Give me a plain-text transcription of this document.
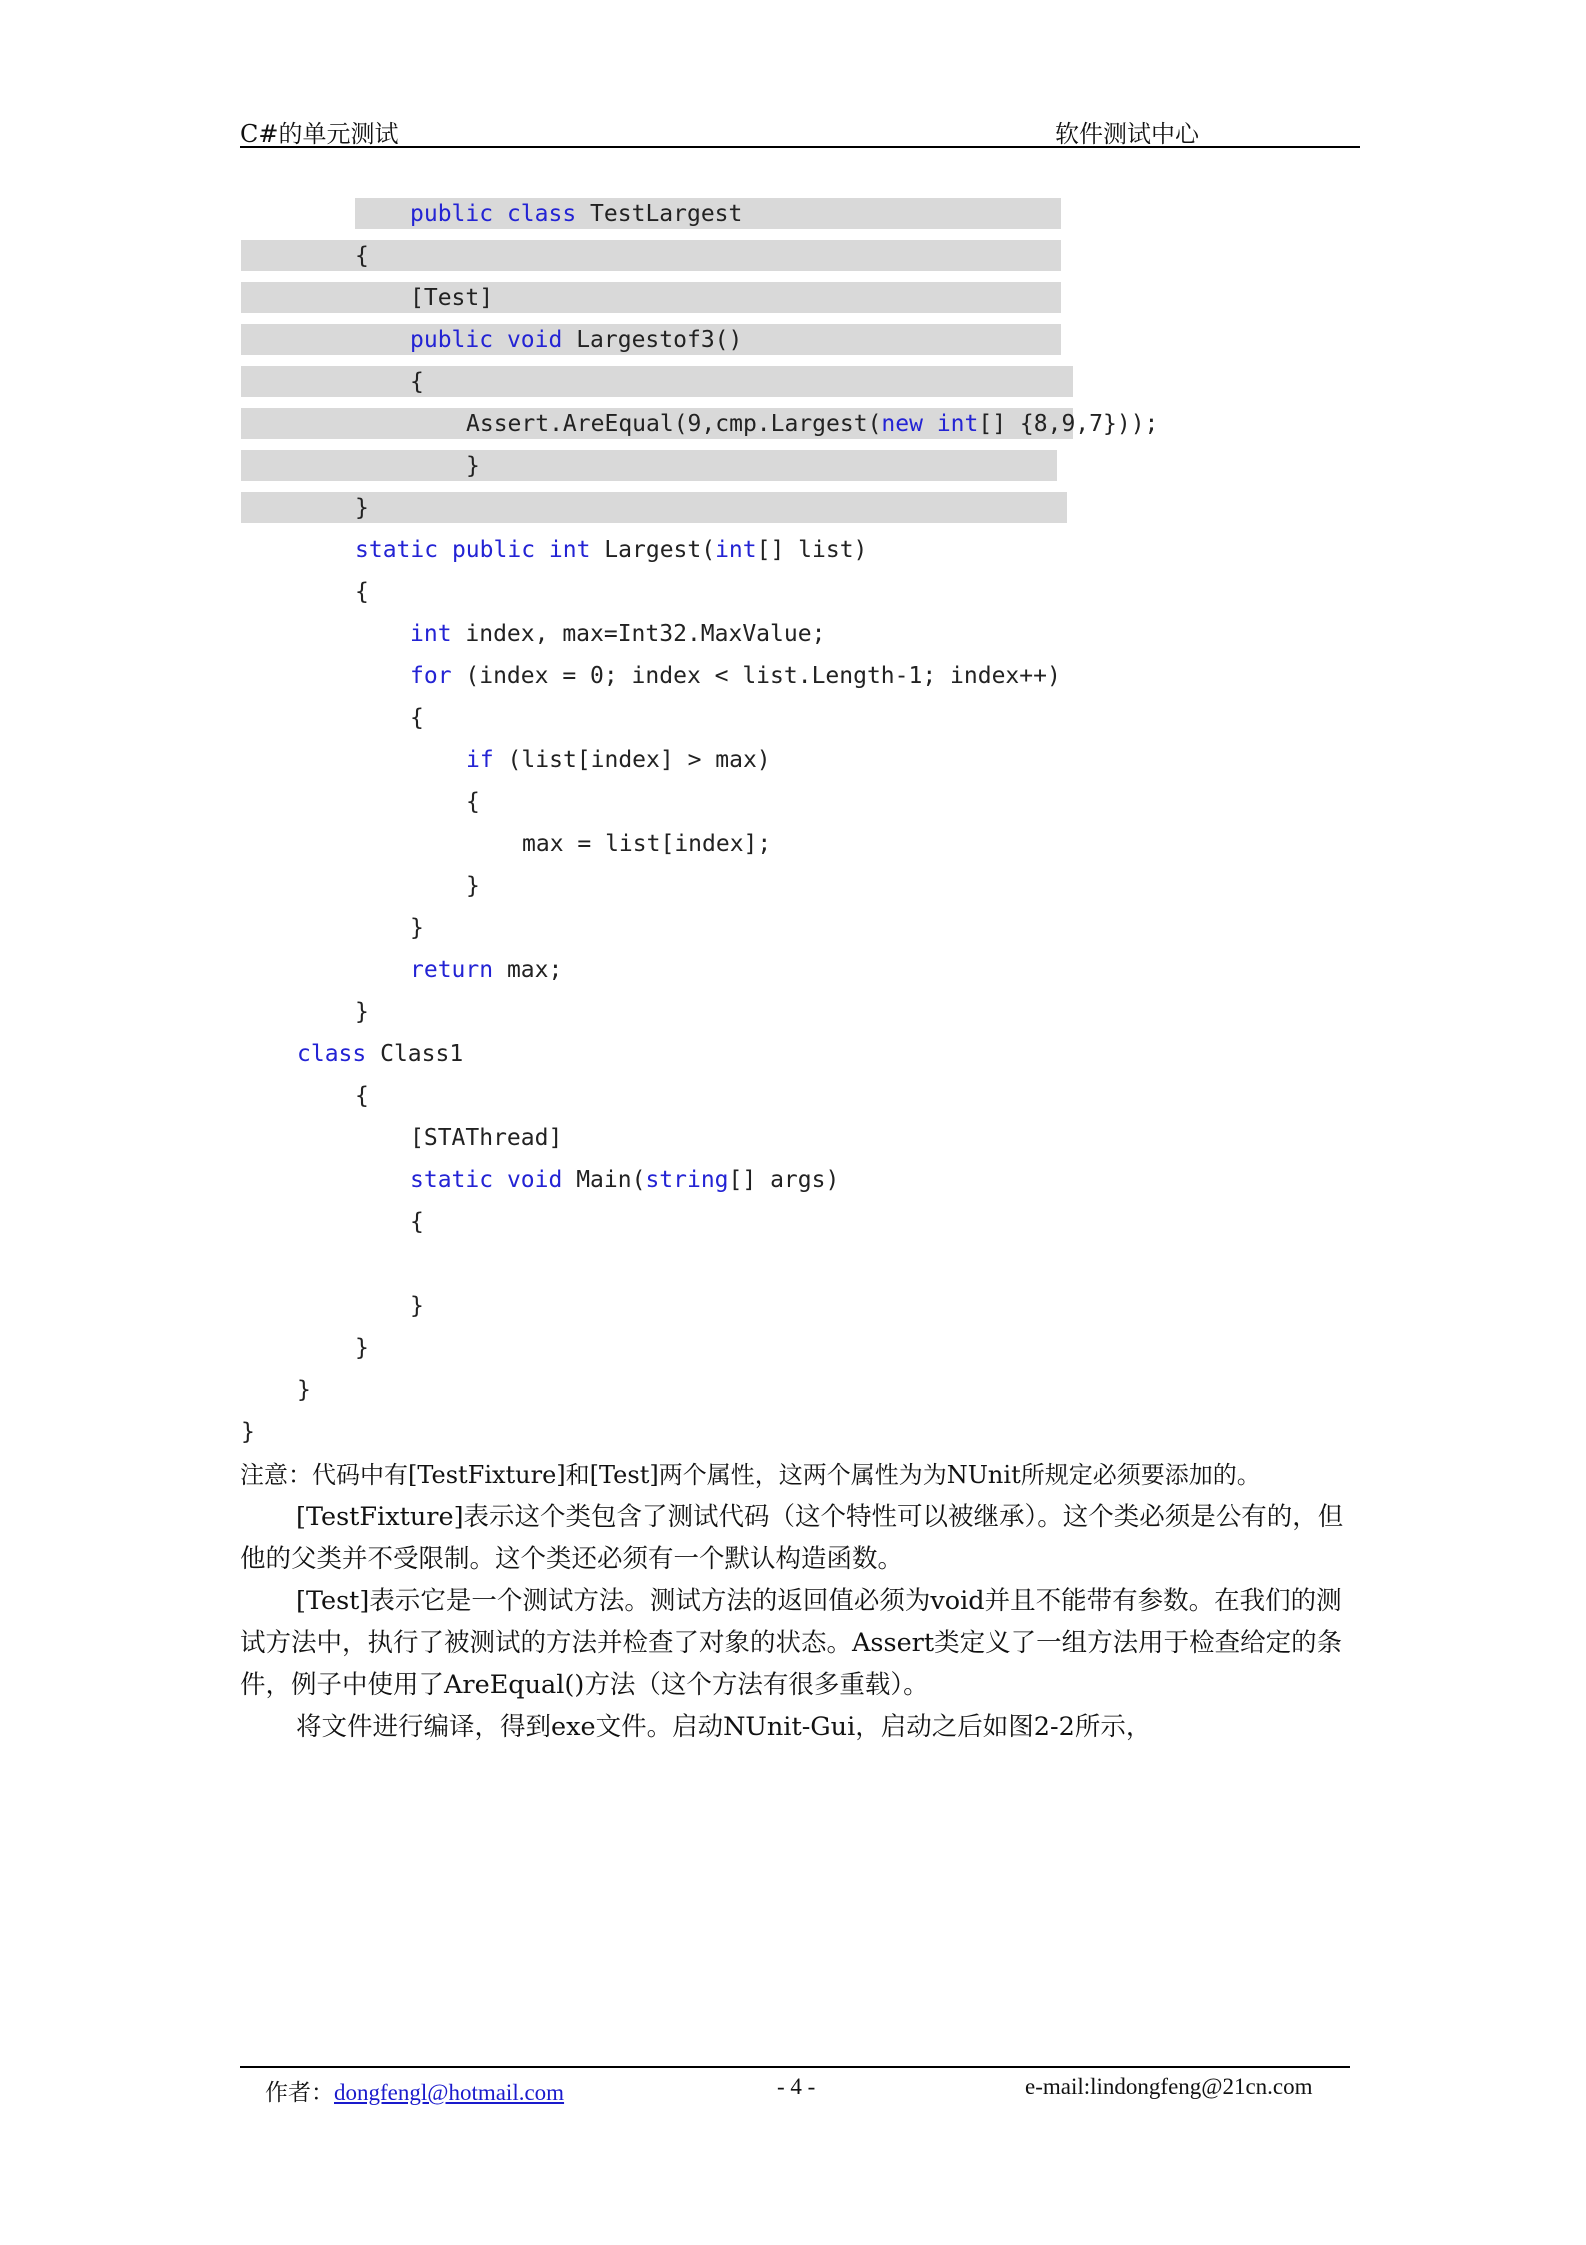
C#的单元测试	软件测试中心
public class TestLargest
{
[Test]
public void Largestof3()
{
Assert.AreEqual(9,cmp.Largest(new int[] {8,9,7}));
}
}
static public int Largest(int[] list)
{
int index, max=Int32.MaxValue;
for (index = 0; index < list.Length-1; index++)
{
if (list[index] > max)
{
max = list[index];
}
}
return max;
}
class Class1
{
[STAThread]
static void Main(string[] args)
{
}
}
}
}

注意：代码中有[TestFixture]和[Test]两个属性，这两个属性为为NUnit所规定必须要添加的。

[TestFixture]表示这个类包含了测试代码（这个特性可以被继承）。这个类必须是公有的，但他的父类并不受限制。这个类还必须有一个默认构造函数。

[Test]表示它是一个测试方法。测试方法的返回值必须为void并且不能带有参数。在我们的测试方法中，执行了被测试的方法并检查了对象的状态。Assert类定义了一组方法用于检查给定的条件，例子中使用了AreEqual()方法（这个方法有很多重载）。

将文件进行编译，得到exe文件。启动NUnit-Gui，启动之后如图2-2所示，

作者：dongfengl@hotmail.com	- 4 -	e-mail:lindongfeng@21cn.com
